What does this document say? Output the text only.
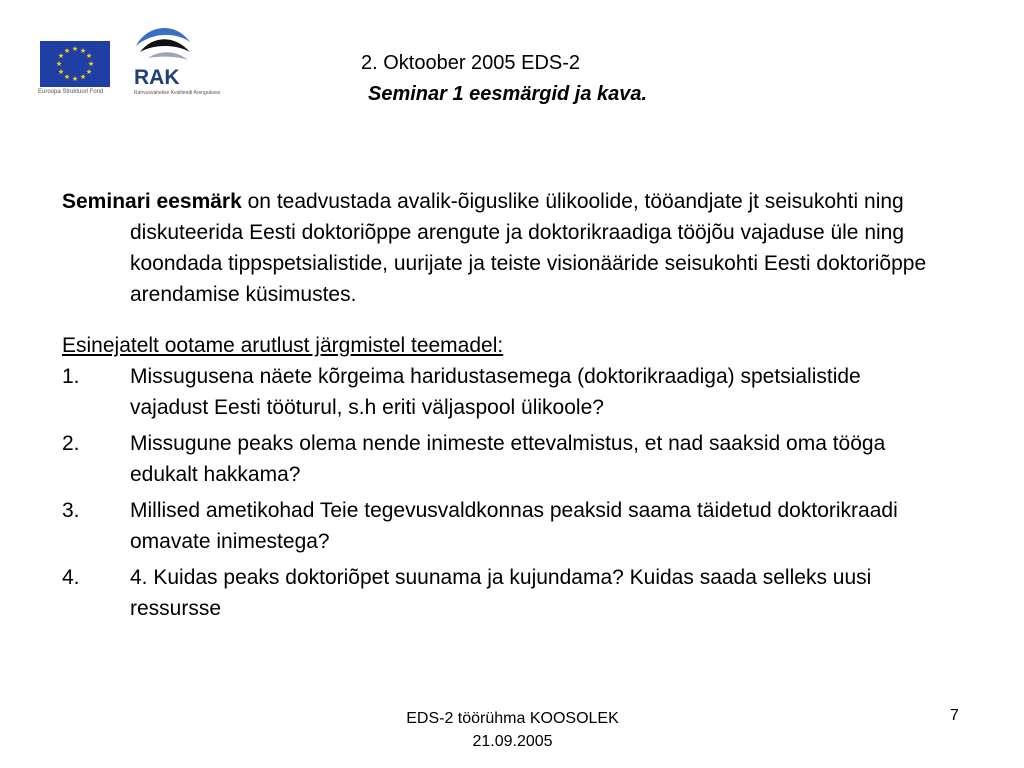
★ ★
★
★
★
★
★
★
★
★
★
★
Euroopa Struktuuri Fond
RAK
Rahvusvahelise Kvaliteedi Arengukava
2. Oktoober 2005 EDS-2
Seminar 1 eesmärgid ja kava.

Seminari eesmärk on teadvustada avalik-õiguslike ülikoolide, tööandjate jt seisukohti ning diskuteerida Eesti doktoriõppe arengute ja doktorikraadiga tööjõu vajaduse üle ning koondada tippspetsialistide, uurijate ja teiste visionääride seisukohti Eesti doktoriõppe arendamise küsimustes.

Esinejatelt ootame arutlust järgmistel teemadel:

1.	Missugusena näete kõrgeima haridustasemega (doktorikraadiga) spetsialistide vajadust Eesti tööturul, s.h eriti väljaspool ülikoole?
2.	Missugune peaks olema nende inimeste ettevalmistus, et nad saaksid oma tööga edukalt hakkama?
3.	Millised ametikohad Teie tegevusvaldkonnas peaksid saama täidetud doktorikraadi omavate inimestega?
4.	4. Kuidas peaks doktoriõpet suunama ja kujundama? Kuidas saada selleks uusi ressursse
EDS-2 töörühma KOOSOLEK
21.09.2005
7
